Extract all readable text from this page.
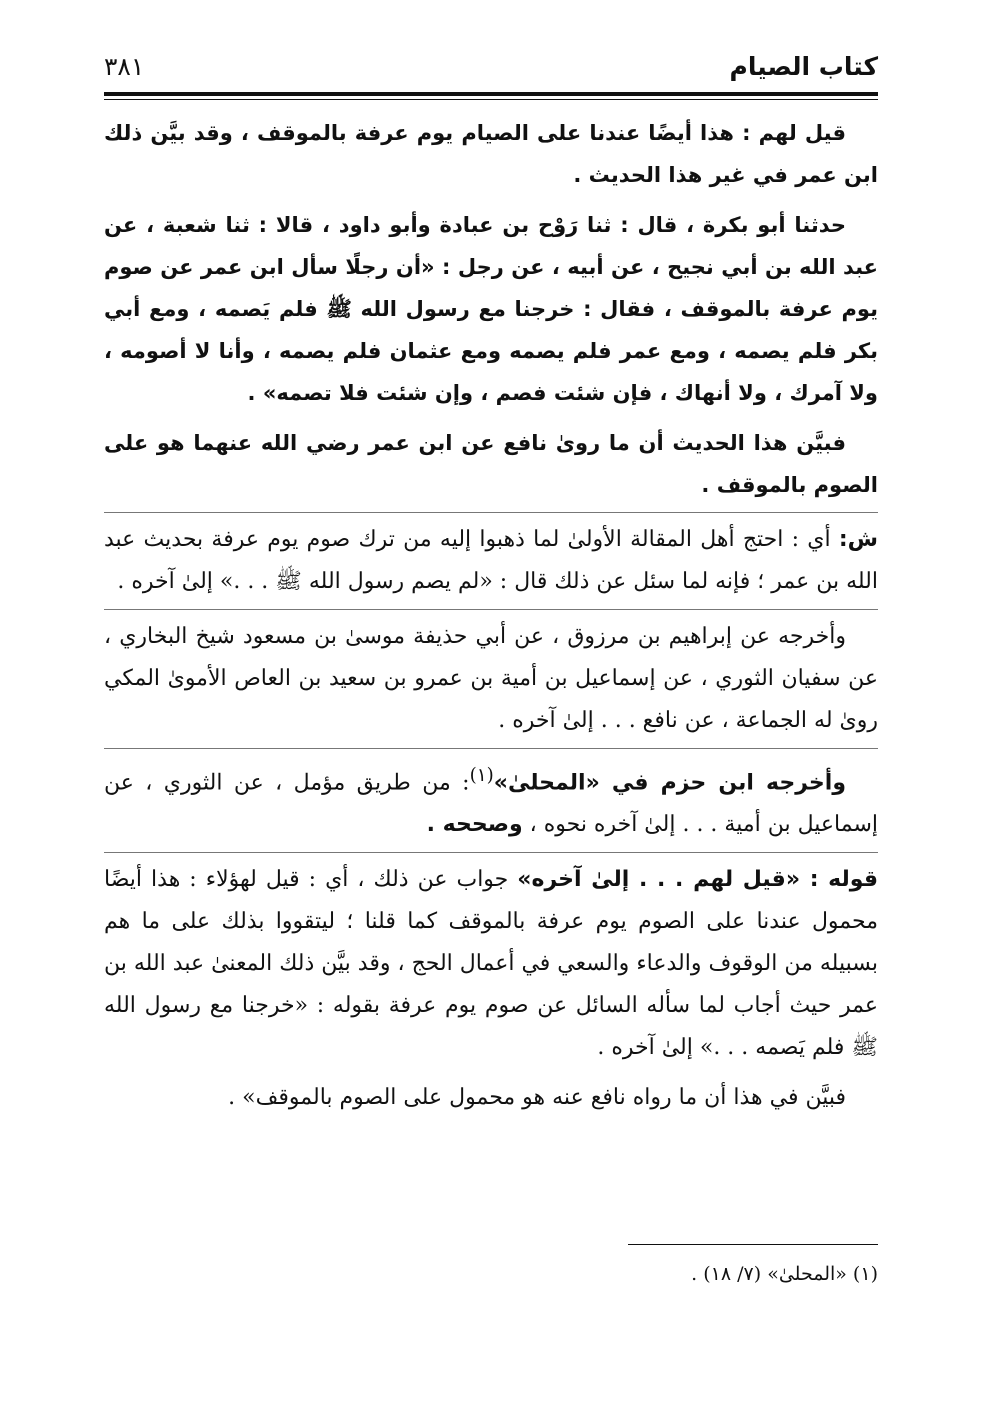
كتاب الصيام
٣٨١

قيل لهم : هذا أيضًا عندنا على الصيام يوم عرفة بالموقف ، وقد بيَّن ذلك ابن عمر في غير هذا الحديث .

حدثنا أبو بكرة ، قال : ثنا رَوْح بن عبادة وأبو داود ، قالا : ثنا شعبة ، عن عبد الله بن أبي نجيح ، عن أبيه ، عن رجل : «أن رجلًا سأل ابن عمر عن صوم يوم عرفة بالموقف ، فقال : خرجنا مع رسول الله ﷺ فلم يَصمه ، ومع أبي بكر فلم يصمه ، ومع عمر فلم يصمه ومع عثمان فلم يصمه ، وأنا لا أصومه ، ولا آمرك ، ولا أنهاك ، فإن شئت فصم ، وإن شئت فلا تصمه» .

فبيَّن هذا الحديث أن ما روىٰ نافع عن ابن عمر رضي الله عنهما هو على الصوم بالموقف .

ش: أي : احتج أهل المقالة الأولىٰ لما ذهبوا إليه من ترك صوم يوم عرفة بحديث عبد الله بن عمر ؛ فإنه لما سئل عن ذلك قال : «لم يصم رسول الله ﷺ . . .» إلىٰ آخره .

وأخرجه عن إبراهيم بن مرزوق ، عن أبي حذيفة موسىٰ بن مسعود شيخ البخاري ، عن سفيان الثوري ، عن إسماعيل بن أمية بن عمرو بن سعيد بن العاص الأموىٰ المكي روىٰ له الجماعة ، عن نافع . . . إلىٰ آخره .

وأخرجه ابن حزم في «المحلىٰ»$^{(١)}$: من طريق مؤمل ، عن الثوري ، عن إسماعيل بن أمية . . . إلىٰ آخره نحوه ، وصححه .

قوله : «قيل لهم . . . إلىٰ آخره» جواب عن ذلك ، أي : قيل لهؤلاء : هذا أيضًا محمول عندنا على الصوم يوم عرفة بالموقف كما قلنا ؛ ليتقووا بذلك على ما هم بسبيله من الوقوف والدعاء والسعي في أعمال الحج ، وقد بيَّن ذلك المعنىٰ عبد الله بن عمر حيث أجاب لما سأله السائل عن صوم يوم عرفة بقوله : «خرجنا مع رسول الله ﷺ فلم يَصمه . . .» إلىٰ آخره .

فبيَّن في هذا أن ما رواه نافع عنه هو محمول على الصوم بالموقف» .

(١) «المحلىٰ» (٧/ ١٨) .
